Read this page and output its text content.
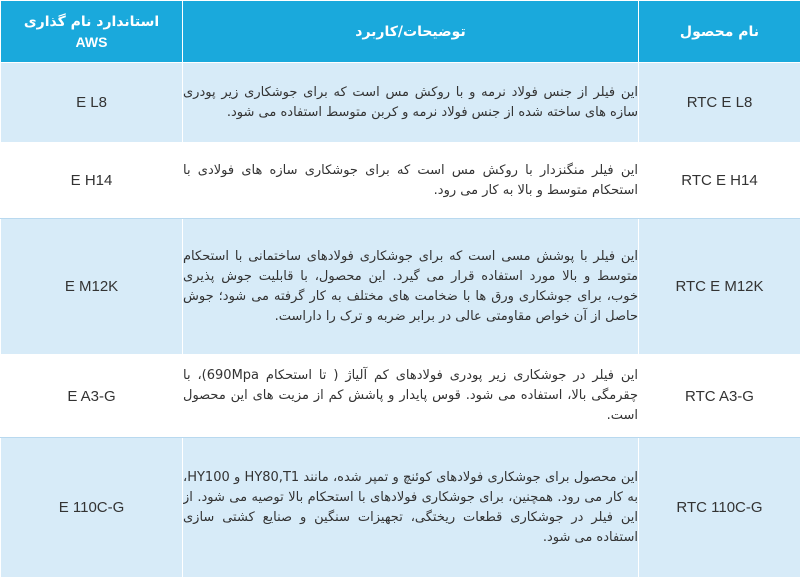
نام محصول	توضیحات/کاربرد	استاندارد نام گذاری
AWS

RTC E L8	این فیلر از جنس فولاد نرمه و با روکش مس است که برای جوشکاری زیر پودری سازه های ساخته شده از جنس فولاد نرمه و کربن متوسط استفاده می شود.	E L8
RTC E H14	این فیلر منگنزدار با روکش مس است که برای جوشکاری سازه های فولادی با استحکام متوسط و بالا به کار می رود.	E H14
RTC E M12K	این فیلر با پوشش مسی است که برای جوشکاری فولادهای ساختمانی با استحکام متوسط و بالا مورد استفاده قرار می گیرد. این محصول، با قابلیت جوش پذیری خوب، برای جوشکاری ورق ها با ضخامت های مختلف به کار گرفته می شود؛ جوش حاصل از آن خواص مقاومتی عالی در برابر ضربه و ترک را داراست.	E M12K
RTC A3-G	این فیلر در جوشکاری زیر پودری فولادهای کم آلیاژ ( تا استحکام 690Mpa)، با چقرمگی بالا، استفاده می شود. قوس پایدار و پاشش کم از مزیت های این محصول است.	E A3-G
RTC 110C-G	این محصول برای جوشکاری فولادهای کوئنچ و تمپر شده، مانند HY80,T1 و HY100، به کار می رود. همچنین، برای جوشکاری فولادهای با استحکام بالا توصیه می شود. از این فیلر در جوشکاری قطعات ریختگی، تجهیزات سنگین و صنایع کشتی سازی استفاده می شود.	E 110C-G
